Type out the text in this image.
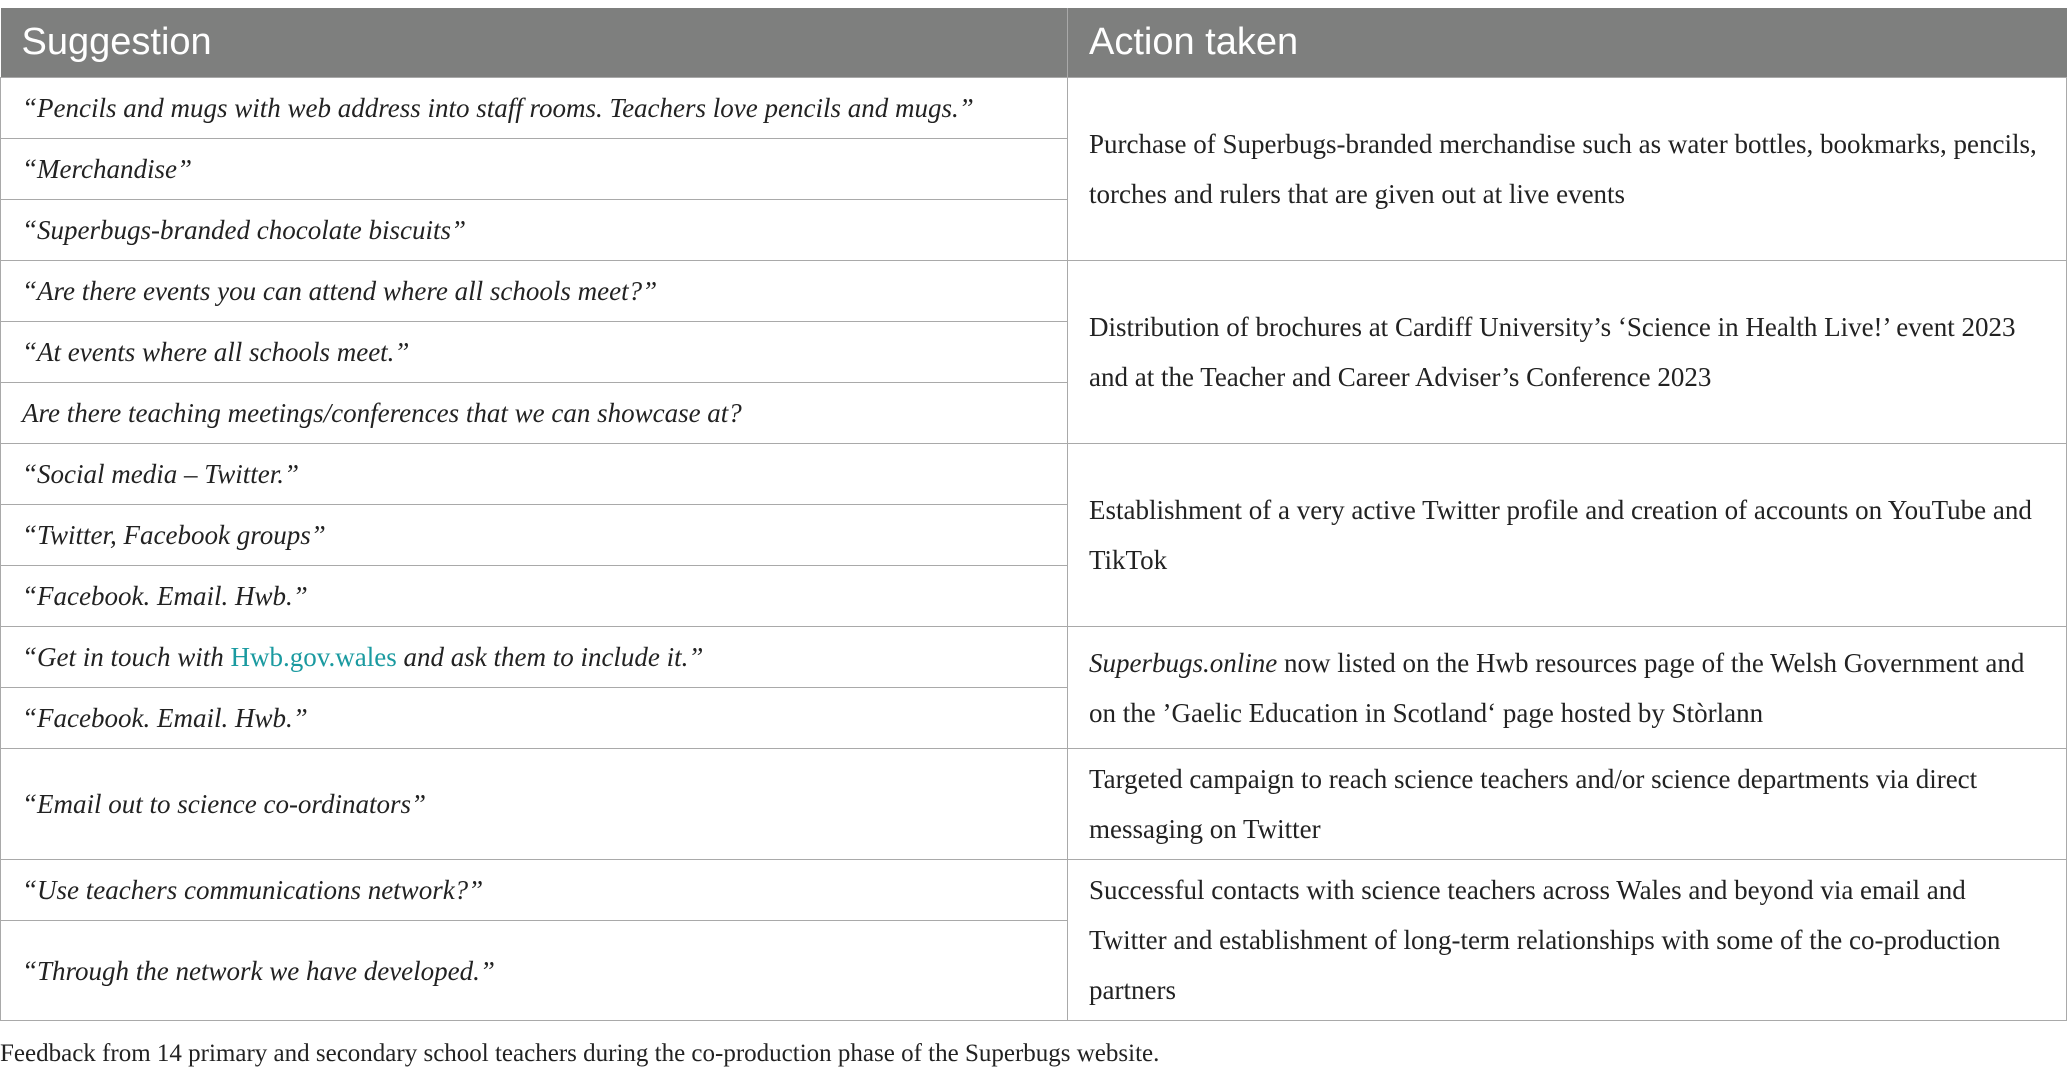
Suggestion	Action taken
“Pencils and mugs with web address into staff rooms. Teachers love pencils and mugs.”	Purchase of Superbugs-branded merchandise such as water bottles, bookmarks, pencils, torches and rulers that are given out at live events
“Merchandise”	
“Superbugs-branded chocolate biscuits”	
“Are there events you can attend where all schools meet?”	Distribution of brochures at Cardiff University’s ‘Science in Health Live!’ event 2023 and at the Teacher and Career Adviser’s Conference 2023
“At events where all schools meet.”	
Are there teaching meetings/conferences that we can showcase at?	
“Social media – Twitter.”	Establishment of a very active Twitter profile and creation of accounts on YouTube and TikTok
“Twitter, Facebook groups”	
“Facebook. Email. Hwb.”	
“Get in touch with Hwb.gov.wales and ask them to include it.”	Superbugs.online now listed on the Hwb resources page of the Welsh Government and on the ’Gaelic Education in Scotland‘ page hosted by Stòrlann
“Facebook. Email. Hwb.”	
“Email out to science co-ordinators”	Targeted campaign to reach science teachers and/or science departments via direct messaging on Twitter
“Use teachers communications network?”	Successful contacts with science teachers across Wales and beyond via email and Twitter and establishment of long-term relationships with some of the co-production partners
“Through the network we have developed.”	
Feedback from 14 primary and secondary school teachers during the co-production phase of the Superbugs website.
